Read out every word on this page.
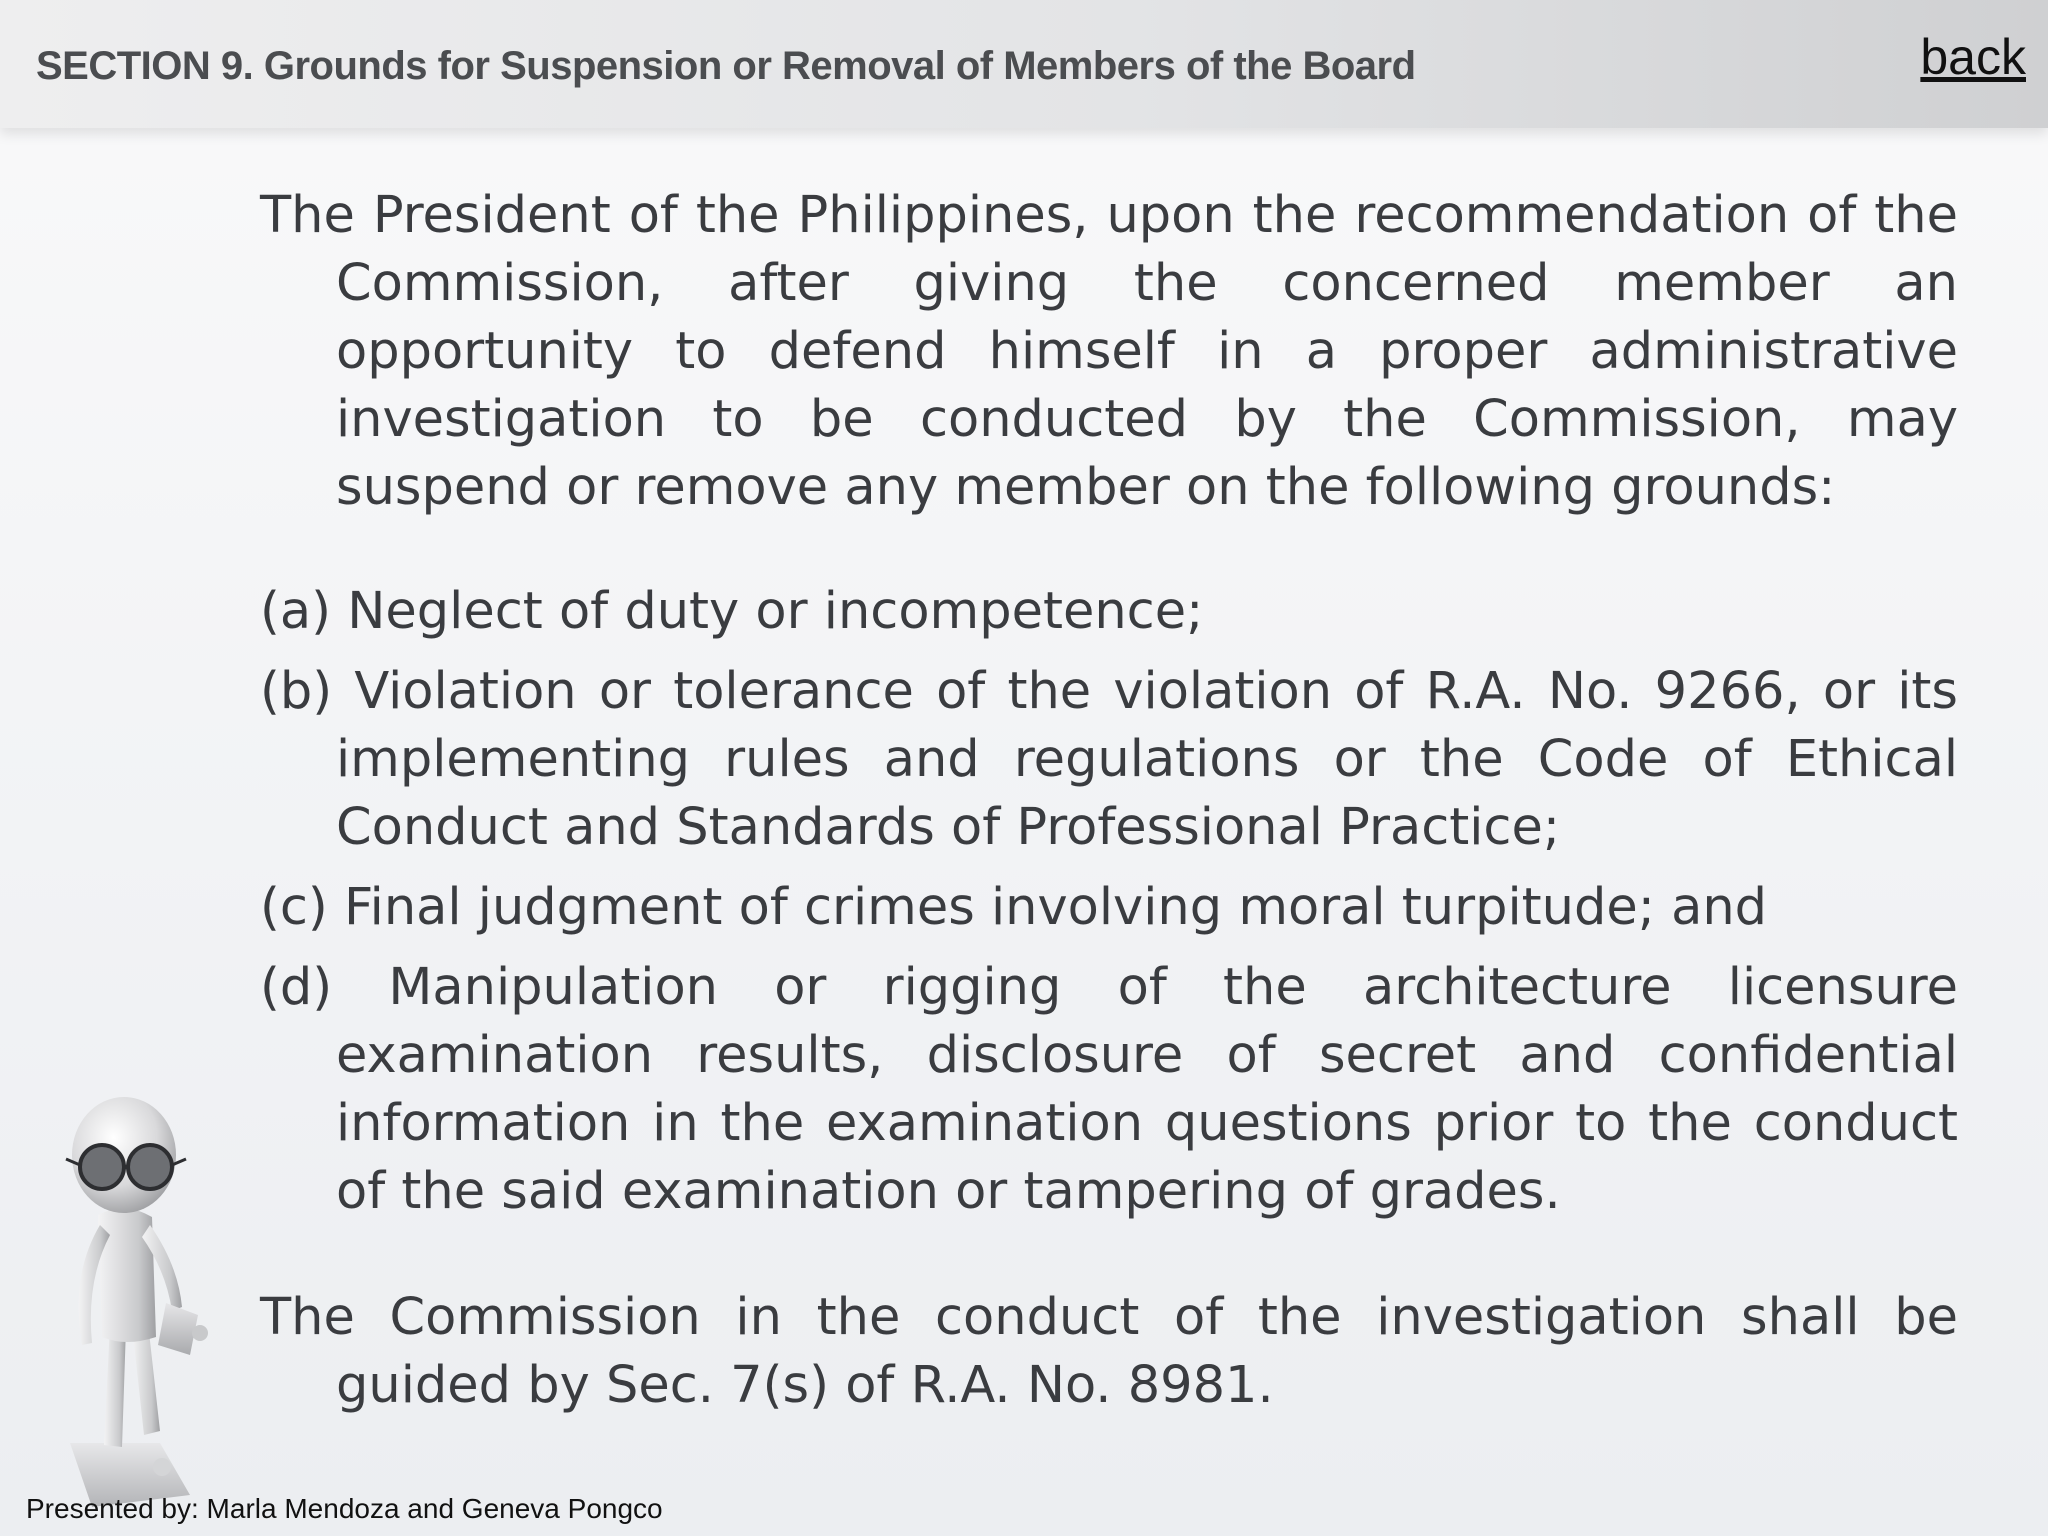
SECTION 9. Grounds for Suspension or Removal of Members of the Board	back

The President of the Philippines, upon the recommendation of the Commission, after giving the concerned member an opportunity to defend himself in a proper administrative investigation to be conducted by the Commission, may suspend or remove any member on the following grounds:

(a) Neglect of duty or incompetence;

(b) Violation or tolerance of the violation of R.A. No. 9266, or its implementing rules and regulations or the Code of Ethical Conduct and Standards of Professional Practice;

(c) Final judgment of crimes involving moral turpitude; and

(d) Manipulation or rigging of the architecture licensure examination results, disclosure of secret and confidential information in the examination questions prior to the conduct of the said examination or tampering of grades.

The Commission in the conduct of the investigation shall be guided by Sec. 7(s) of R.A. No. 8981.

Presented by: Marla Mendoza and Geneva Pongco
